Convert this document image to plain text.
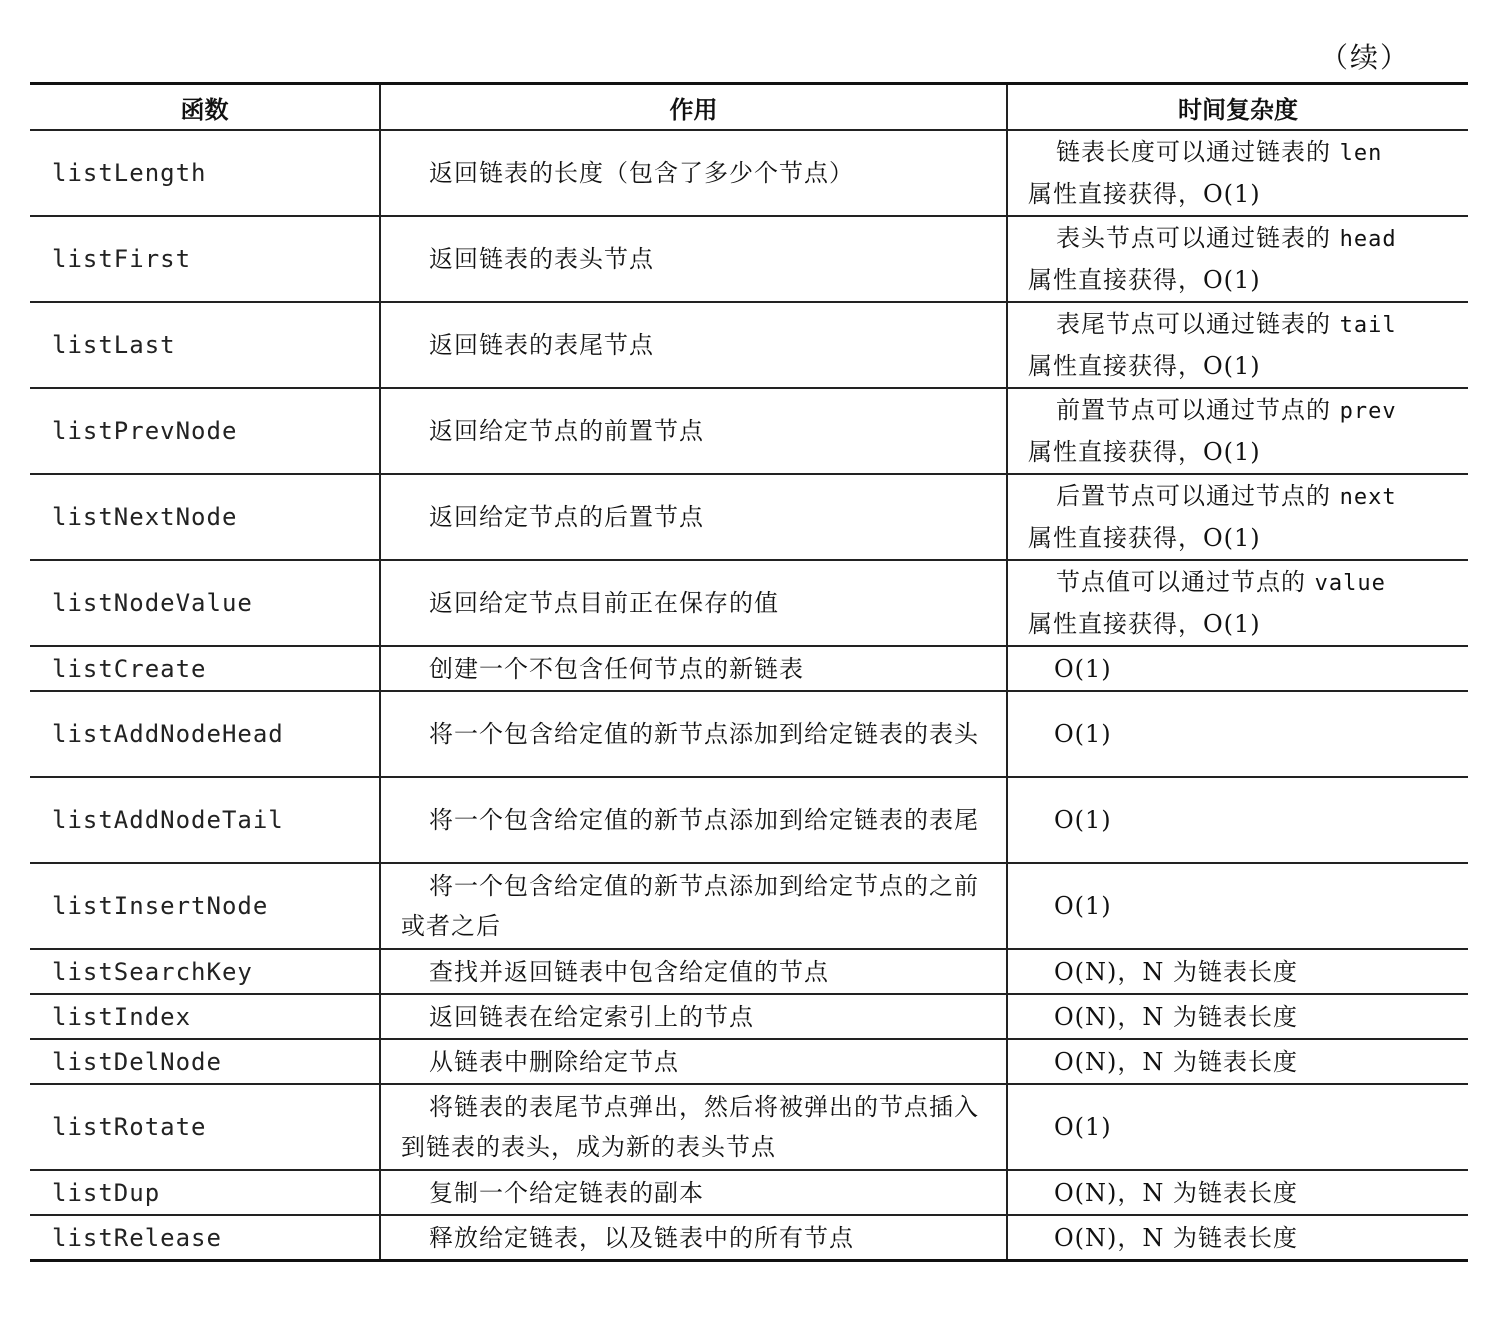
（续）
函数	作用	时间复杂度
listLength	返回链表的长度（包含了多少个节点）	链表长度可以通过链表的 len
属性直接获得，O(1)
listFirst	返回链表的表头节点	表头节点可以通过链表的 head
属性直接获得，O(1)
listLast	返回链表的表尾节点	表尾节点可以通过链表的 tail
属性直接获得，O(1)
listPrevNode	返回给定节点的前置节点	前置节点可以通过节点的 prev
属性直接获得，O(1)
listNextNode	返回给定节点的后置节点	后置节点可以通过节点的 next
属性直接获得，O(1)
listNodeValue	返回给定节点目前正在保存的值	节点值可以通过节点的 value
属性直接获得，O(1)
listCreate	创建一个不包含任何节点的新链表	O(1)
listAddNodeHead	将一个包含给定值的新节点添加到给定链表的表头	O(1)
listAddNodeTail	将一个包含给定值的新节点添加到给定链表的表尾	O(1)
listInsertNode	将一个包含给定值的新节点添加到给定节点的之前或者之后	O(1)
listSearchKey	查找并返回链表中包含给定值的节点	O(N)，N 为链表长度
listIndex	返回链表在给定索引上的节点	O(N)，N 为链表长度
listDelNode	从链表中删除给定节点	O(N)，N 为链表长度
listRotate	将链表的表尾节点弹出，然后将被弹出的节点插入到链表的表头，成为新的表头节点	O(1)
listDup	复制一个给定链表的副本	O(N)，N 为链表长度
listRelease	释放给定链表，以及链表中的所有节点	O(N)，N 为链表长度
